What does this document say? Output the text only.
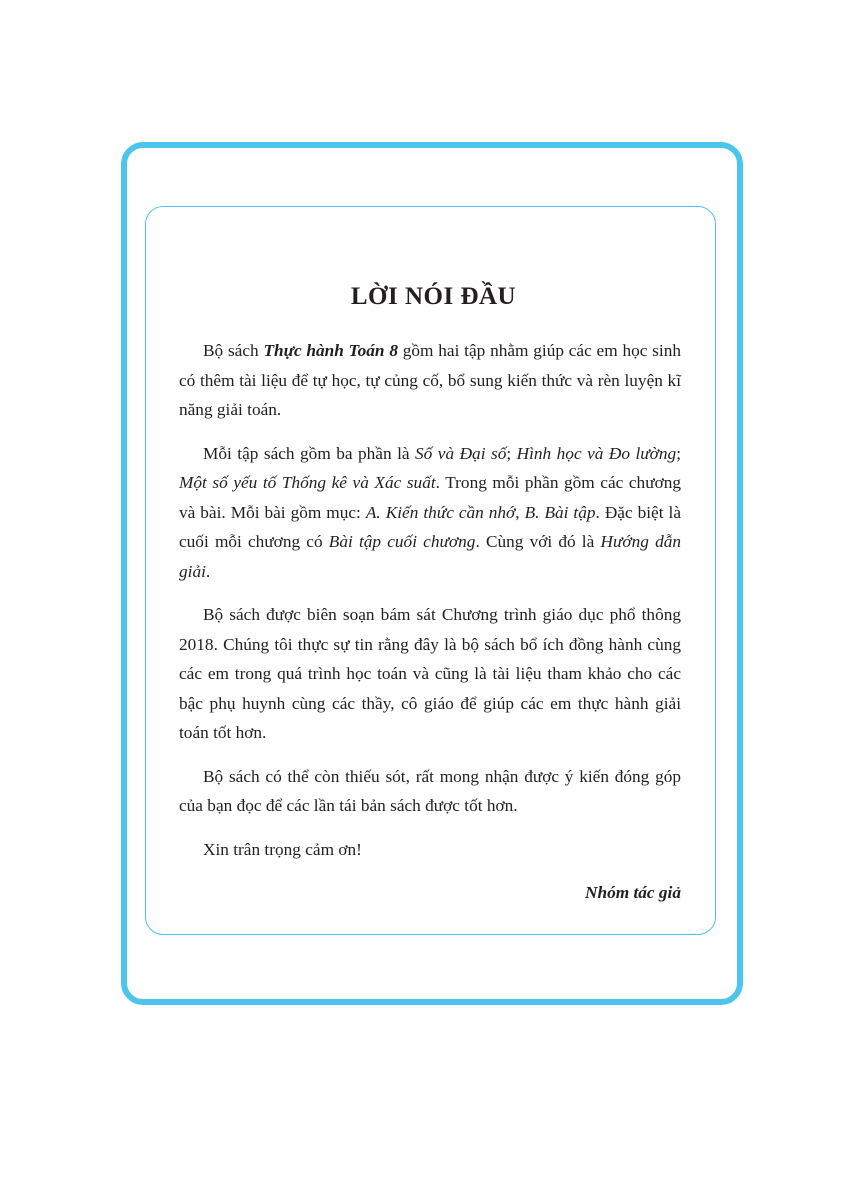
LỜI NÓI ĐẦU

Bộ sách Thực hành Toán 8 gồm hai tập nhằm giúp các em học sinh có thêm tài liệu để tự học, tự củng cố, bổ sung kiến thức và rèn luyện kĩ năng giải toán.

Mỗi tập sách gồm ba phần là Số và Đại số; Hình học và Đo lường; Một số yếu tố Thống kê và Xác suất. Trong mỗi phần gồm các chương và bài. Mỗi bài gồm mục: A. Kiến thức cần nhớ, B. Bài tập. Đặc biệt là cuối mỗi chương có Bài tập cuối chương. Cùng với đó là Hướng dẫn giải.

Bộ sách được biên soạn bám sát Chương trình giáo dục phổ thông 2018. Chúng tôi thực sự tin rằng đây là bộ sách bổ ích đồng hành cùng các em trong quá trình học toán và cũng là tài liệu tham khảo cho các bậc phụ huynh cùng các thầy, cô giáo để giúp các em thực hành giải toán tốt hơn.

Bộ sách có thể còn thiếu sót, rất mong nhận được ý kiến đóng góp của bạn đọc để các lần tái bản sách được tốt hơn.

Xin trân trọng cảm ơn!

Nhóm tác giả
